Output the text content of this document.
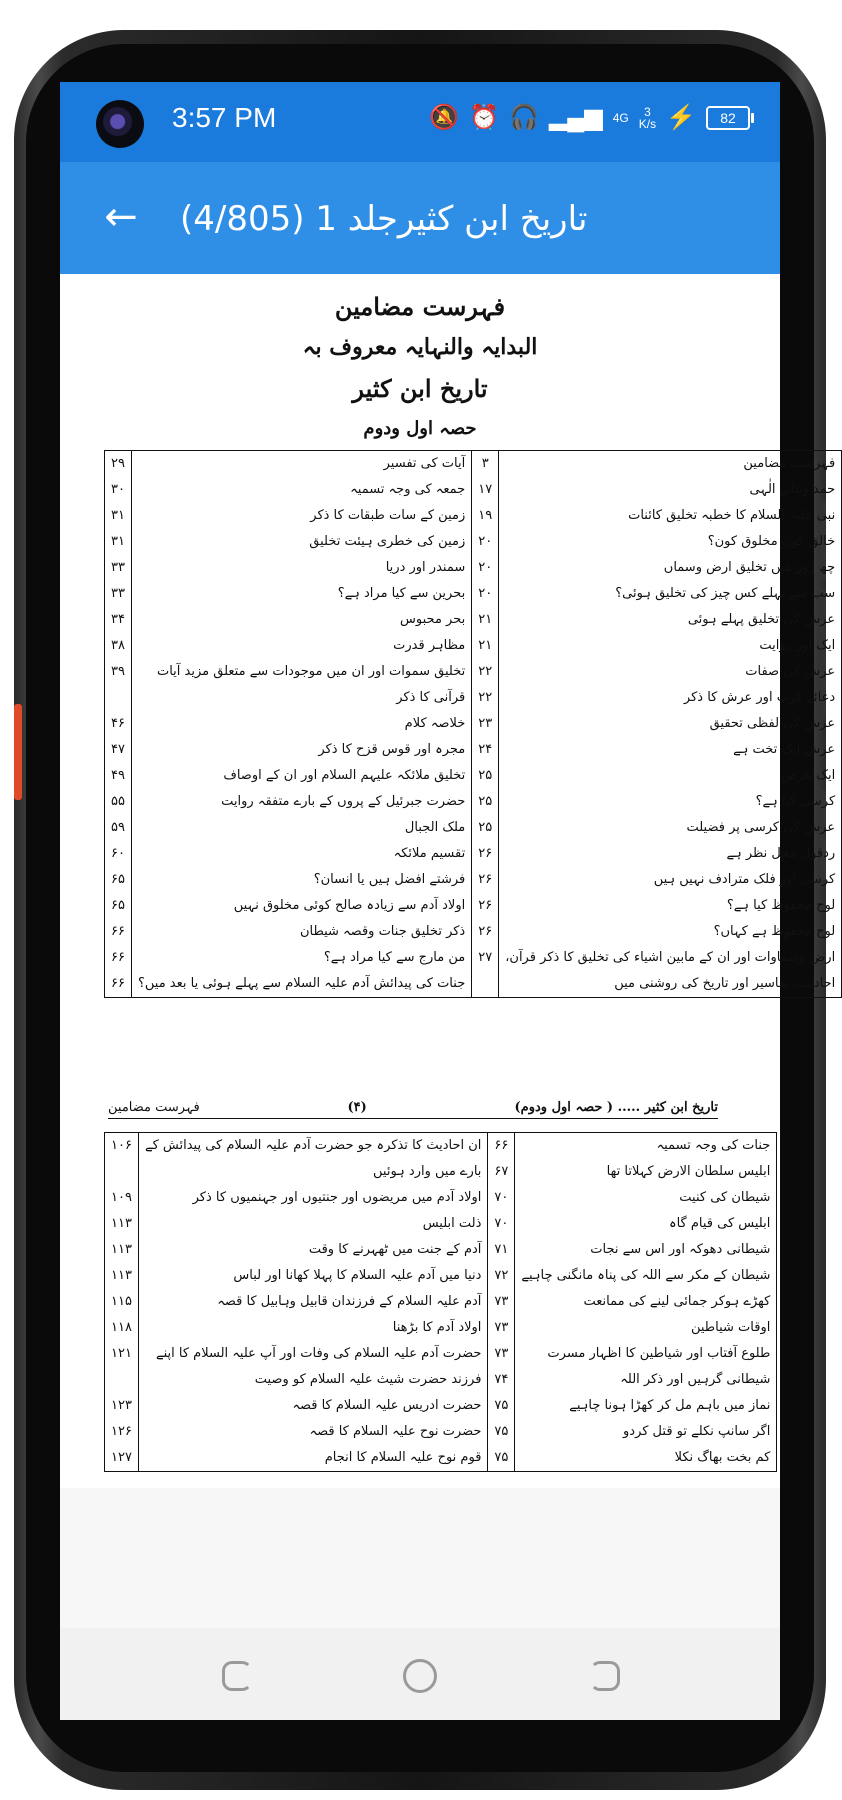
3:57 PM	🔕 ⏰ 🎧 ▂▄▆ 4G	3
K/s ⚡	82
← تاریخ ابن کثیرجلد 1 (4/805)
فہرست مضامین
البدایہ والنہایہ معروف بہ
تاریخ ابن کثیر
حصہ اول ودوم
۲۹	آیات کی تفسیر	۳	فہرست مضامین
۳۰	جمعہ کی وجہ تسمیہ	۱۷	حمد وثنائے الٰہی
۳۱	زمین کے سات طبقات کا ذکر	۱۹	نبی علیہ السلام کا خطبہ تخلیق کائنات
۳۱	زمین کی خطری ہیئت تخلیق	۲۰	خالق کون مخلوق کون؟
۳۳	سمندر اور دریا	۲۰	چھ روز میں تخلیق ارض وسماں
۳۳	بحرین سے کیا مراد ہے؟	۲۰	سب سے پہلے کس چیز کی تخلیق ہوئی؟
۳۴	بحر محبوس	۲۱	عرش کی تخلیق پہلے ہوئی
۳۸	مظاہر قدرت	۲۱	ایک اور روایت
۳۹	تخلیق سموات اور ان میں موجودات سے متعلق مزید آیات	۲۲	عرش کی صفات
	قرآنی کا ذکر	۲۲	دعائے کرب اور عرش کا ذکر
۴۶	خلاصہ کلام	۲۳	عرش کی لفظی تحقیق
۴۷	مجرہ اور قوس قزح کا ذکر	۲۴	عرش ایک تخت ہے
۴۹	تخلیق ملائکہ علیہم السلام اور ان کے اوصاف	۲۵	ایک عرض
۵۵	حضرت جبرئیل کے پروں کے بارے متفقہ روایت	۲۵	کرسی کیا ہے؟
۵۹	ملک الجبال	۲۵	عرش کی کرسی پر فضیلت
۶۰	تقسیم ملائکہ	۲۶	ردقول محل نظر ہے
۶۵	فرشتے افضل ہیں یا انسان؟	۲۶	کرسی اور فلک مترادف نہیں ہیں
۶۵	اولاد آدم سے زیادہ صالح کوئی مخلوق نہیں	۲۶	لوح محفوظ کیا ہے؟
۶۶	ذکر تخلیق جنات وقصہ شیطان	۲۶	لوح محفوظ ہے کہاں؟
۶۶	من مارج سے کیا مراد ہے؟	۲۷	ارض وسماوات اور ان کے مابین اشیاء کی تخلیق کا ذکر قرآن،
۶۶	جنات کی پیدائش آدم علیہ السلام سے پہلے ہوئی یا بعد میں؟		احادیث، تفاسیر اور تاریخ کی روشنی میں
فہرست مضامین	(۴)	تاریخ ابن کثیر ..... ( حصہ اول ودوم)
۱۰۶	ان احادیث کا تذکرہ جو حضرت آدم علیہ السلام کی پیدائش کے	۶۶	جنات کی وجہ تسمیہ
	بارے میں وارد ہوئیں	۶۷	ابلیس سلطان الارض کہلاتا تھا
۱۰۹	اولاد آدم میں مریضوں اور جنتیوں اور جہنمیوں کا ذکر	۷۰	شیطان کی کنیت
۱۱۳	ذلت ابلیس	۷۰	ابلیس کی قیام گاہ
۱۱۳	آدم کے جنت میں ٹھہرنے کا وقت	۷۱	شیطانی دھوکہ اور اس سے نجات
۱۱۳	دنیا میں آدم علیہ السلام کا پہلا کھانا اور لباس	۷۲	شیطان کے مکر سے اللہ کی پناہ مانگنی چاہیے
۱۱۵	آدم علیہ السلام کے فرزندان قابیل وہابیل کا قصہ	۷۳	کھڑے ہوکر جمائی لینے کی ممانعت
۱۱۸	اولاد آدم کا بڑھنا	۷۳	اوقات شیاطین
۱۲۱	حضرت آدم علیہ السلام کی وفات اور آپ علیہ السلام کا اپنے	۷۳	طلوع آفتاب اور شیاطین کا اظہار مسرت
	فرزند حضرت شیث علیہ السلام کو وصیت	۷۴	شیطانی گرہیں اور ذکر اللہ
۱۲۳	حضرت ادریس علیہ السلام کا قصہ	۷۵	نماز میں باہم مل کر کھڑا ہونا چاہیے
۱۲۶	حضرت نوح علیہ السلام کا قصہ	۷۵	اگر سانپ نکلے تو قتل کردو
۱۲۷	قوم نوح علیہ السلام کا انجام	۷۵	کم بخت بھاگ نکلا
